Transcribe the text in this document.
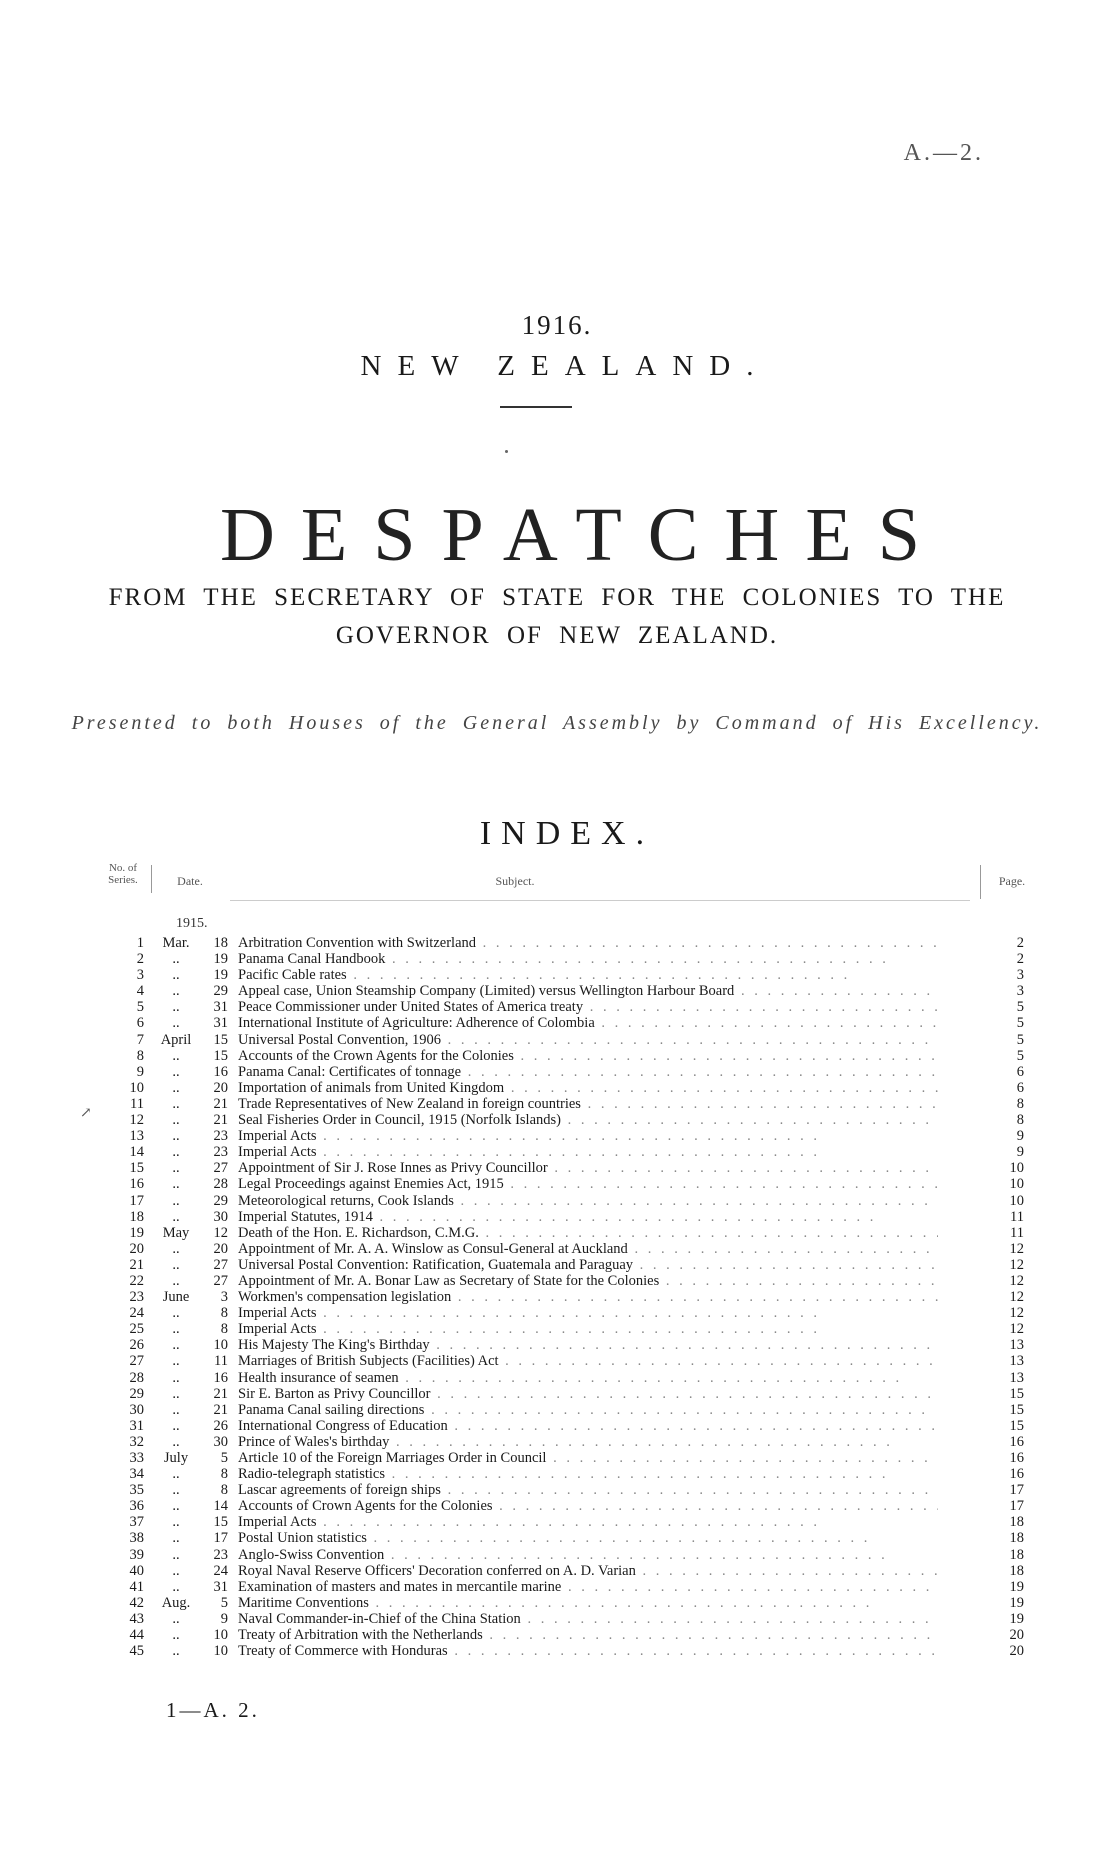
A.—2.
1916.
NEW ZEALAND.
DESPATCHES
FROM THE SECRETARY OF STATE FOR THE COLONIES TO THE
GOVERNOR OF NEW ZEALAND.
Presented to both Houses of the General Assembly by Command of His Excellency.
INDEX.
No. of Series.	Date.	Subject.	Page.
1915.
↗
1	Mar.	18 Arbitration Convention with Switzerland . .	2
2	..	19 Panama Canal Handbook . .	2
3	..	19 Pacific Cable rates . .	3
4	..	29 Appeal case, Union Steamship Company (Limited) versus Wellington Harbour Board . .	3
5	..	31 Peace Commissioner under United States of America treaty . .	5
6	..	31 International Institute of Agriculture: Adherence of Colombia . .	5
7	April	15 Universal Postal Convention, 1906 . .	5
8	..	15 Accounts of the Crown Agents for the Colonies . .	5
9	..	16 Panama Canal: Certificates of tonnage . .	6
10	..	20 Importation of animals from United Kingdom . .	6
11	..	21 Trade Representatives of New Zealand in foreign countries . .	8
12	..	21 Seal Fisheries Order in Council, 1915 (Norfolk Islands) . .	8
13	..	23 Imperial Acts . .	9
14	..	23 Imperial Acts . .	9
15	..	27 Appointment of Sir J. Rose Innes as Privy Councillor . .	10
16	..	28 Legal Proceedings against Enemies Act, 1915 . .	10
17	..	29 Meteorological returns, Cook Islands . .	10
18	..	30 Imperial Statutes, 1914 . .	11
19	May	12 Death of the Hon. E. Richardson, C.M.G. . .	11
20	..	20 Appointment of Mr. A. A. Winslow as Consul-General at Auckland . .	12
21	..	27 Universal Postal Convention: Ratification, Guatemala and Paraguay . .	12
22	..	27 Appointment of Mr. A. Bonar Law as Secretary of State for the Colonies . .	12
23	June	3 Workmen's compensation legislation . .	12
24	..	8 Imperial Acts . .	12
25	..	8 Imperial Acts . .	12
26	..	10 His Majesty The King's Birthday . .	13
27	..	11 Marriages of British Subjects (Facilities) Act . .	13
28	..	16 Health insurance of seamen . .	13
29	..	21 Sir E. Barton as Privy Councillor . .	15
30	..	21 Panama Canal sailing directions . .	15
31	..	26 International Congress of Education . .	15
32	..	30 Prince of Wales's birthday . .	16
33	July	5 Article 10 of the Foreign Marriages Order in Council . .	16
34	..	8 Radio-telegraph statistics . .	16
35	..	8 Lascar agreements of foreign ships . .	17
36	..	14 Accounts of Crown Agents for the Colonies . .	17
37	..	15 Imperial Acts . .	18
38	..	17 Postal Union statistics . .	18
39	..	23 Anglo-Swiss Convention . .	18
40	..	24 Royal Naval Reserve Officers' Decoration conferred on A. D. Varian . .	18
41	..	31 Examination of masters and mates in mercantile marine . .	19
42	Aug.	5 Maritime Conventions . .	19
43	..	9 Naval Commander-in-Chief of the China Station . .	19
44	..	10 Treaty of Arbitration with the Netherlands . .	20
45	..	10 Treaty of Commerce with Honduras . .	20
1—A. 2.
